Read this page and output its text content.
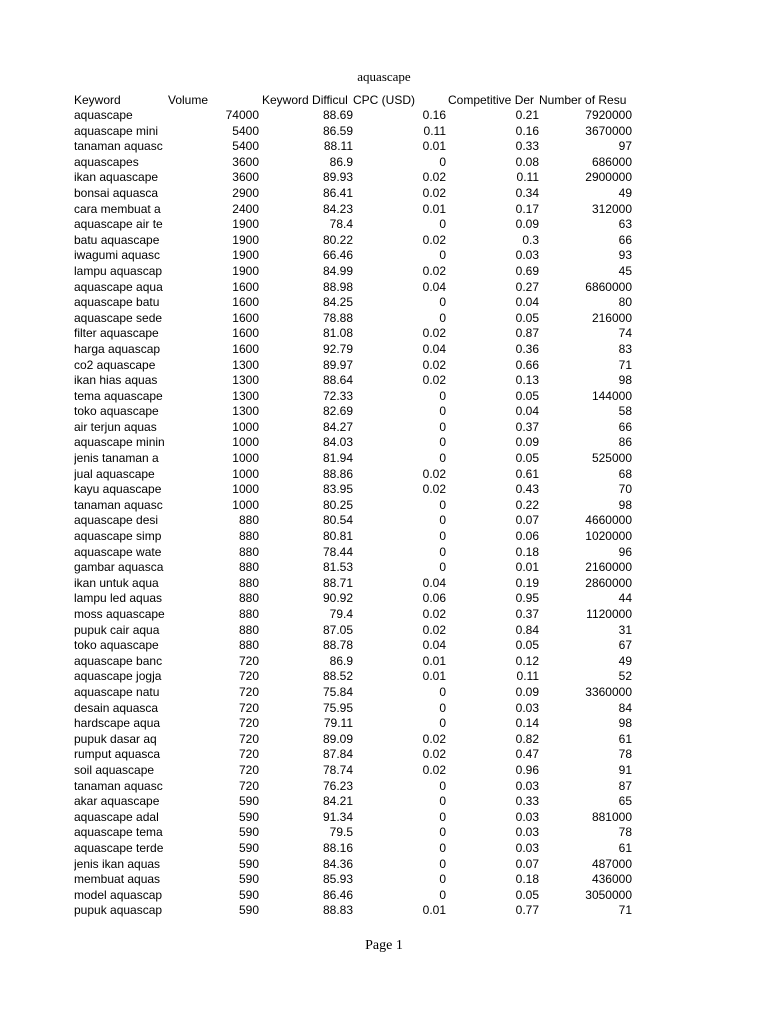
aquascape
Keyword	Volume	Keyword Difficul	CPC (USD)	Competitive Der	Number of Resu
aquascape	74000	88.69	0.16	0.21	7920000
aquascape mini	5400	86.59	0.11	0.16	3670000
tanaman aquasc	5400	88.11	0.01	0.33	97
aquascapes	3600	86.9	0	0.08	686000
ikan aquascape	3600	89.93	0.02	0.11	2900000
bonsai aquasca	2900	86.41	0.02	0.34	49
cara membuat a	2400	84.23	0.01	0.17	312000
aquascape air te	1900	78.4	0	0.09	63
batu aquascape	1900	80.22	0.02	0.3	66
iwagumi aquasc	1900	66.46	0	0.03	93
lampu aquascap	1900	84.99	0.02	0.69	45
aquascape aqua	1600	88.98	0.04	0.27	6860000
aquascape batu	1600	84.25	0	0.04	80
aquascape sede	1600	78.88	0	0.05	216000
filter aquascape	1600	81.08	0.02	0.87	74
harga aquascap	1600	92.79	0.04	0.36	83
co2 aquascape	1300	89.97	0.02	0.66	71
ikan hias aquas	1300	88.64	0.02	0.13	98
tema aquascape	1300	72.33	0	0.05	144000
toko aquascape	1300	82.69	0	0.04	58
air terjun aquas	1000	84.27	0	0.37	66
aquascape minin	1000	84.03	0	0.09	86
jenis tanaman a	1000	81.94	0	0.05	525000
jual aquascape	1000	88.86	0.02	0.61	68
kayu aquascape	1000	83.95	0.02	0.43	70
tanaman aquasc	1000	80.25	0	0.22	98
aquascape desi	880	80.54	0	0.07	4660000
aquascape simp	880	80.81	0	0.06	1020000
aquascape wate	880	78.44	0	0.18	96
gambar aquasca	880	81.53	0	0.01	2160000
ikan untuk aqua	880	88.71	0.04	0.19	2860000
lampu led aquas	880	90.92	0.06	0.95	44
moss aquascape	880	79.4	0.02	0.37	1120000
pupuk cair aqua	880	87.05	0.02	0.84	31
toko aquascape	880	88.78	0.04	0.05	67
aquascape banc	720	86.9	0.01	0.12	49
aquascape jogja	720	88.52	0.01	0.11	52
aquascape natu	720	75.84	0	0.09	3360000
desain aquasca	720	75.95	0	0.03	84
hardscape aqua	720	79.11	0	0.14	98
pupuk dasar aq	720	89.09	0.02	0.82	61
rumput aquasca	720	87.84	0.02	0.47	78
soil aquascape	720	78.74	0.02	0.96	91
tanaman aquasc	720	76.23	0	0.03	87
akar aquascape	590	84.21	0	0.33	65
aquascape adal	590	91.34	0	0.03	881000
aquascape tema	590	79.5	0	0.03	78
aquascape terde	590	88.16	0	0.03	61
jenis ikan aquas	590	84.36	0	0.07	487000
membuat aquas	590	85.93	0	0.18	436000
model aquascap	590	86.46	0	0.05	3050000
pupuk aquascap	590	88.83	0.01	0.77	71
Page 1
